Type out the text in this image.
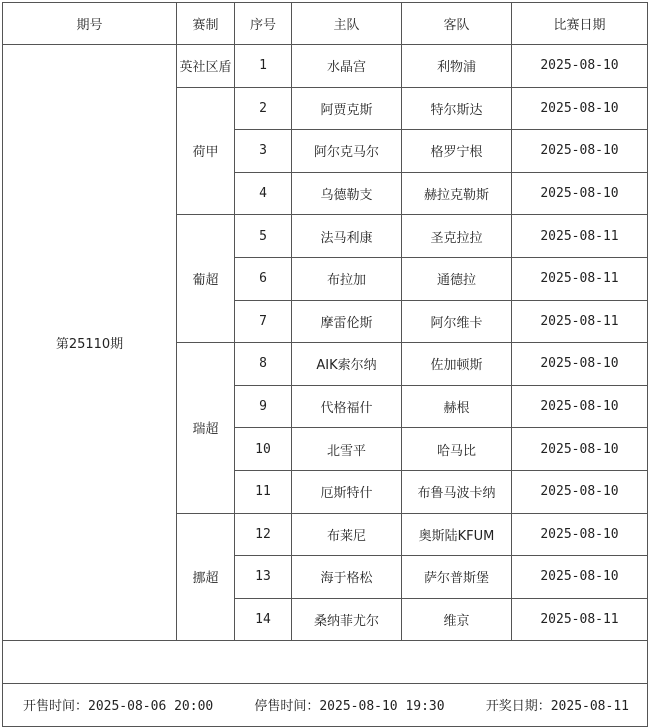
期号	赛制	序号	主队	客队	比赛日期
第25110期	英社区盾	1	水晶宫	利物浦	2025-08-10
	荷甲	2	阿贾克斯	特尔斯达	2025-08-10
		3	阿尔克马尔	格罗宁根	2025-08-10
		4	乌德勒支	赫拉克勒斯	2025-08-10
	葡超	5	法马利康	圣克拉拉	2025-08-11
		6	布拉加	通德拉	2025-08-11
		7	摩雷伦斯	阿尔维卡	2025-08-11
	瑞超	8	AIK索尔纳	佐加顿斯	2025-08-10
		9	代格福什	赫根	2025-08-10
		10	北雪平	哈马比	2025-08-10
		11	厄斯特什	布鲁马波卡纳	2025-08-10
	挪超	12	布莱尼	奥斯陆KFUM	2025-08-10
		13	海于格松	萨尔普斯堡	2025-08-10
		14	桑纳菲尤尔	维京	2025-08-11

开售时间：2025-08-06 20:00 停售时间：2025-08-10 19:30 开奖日期：2025-08-11					
